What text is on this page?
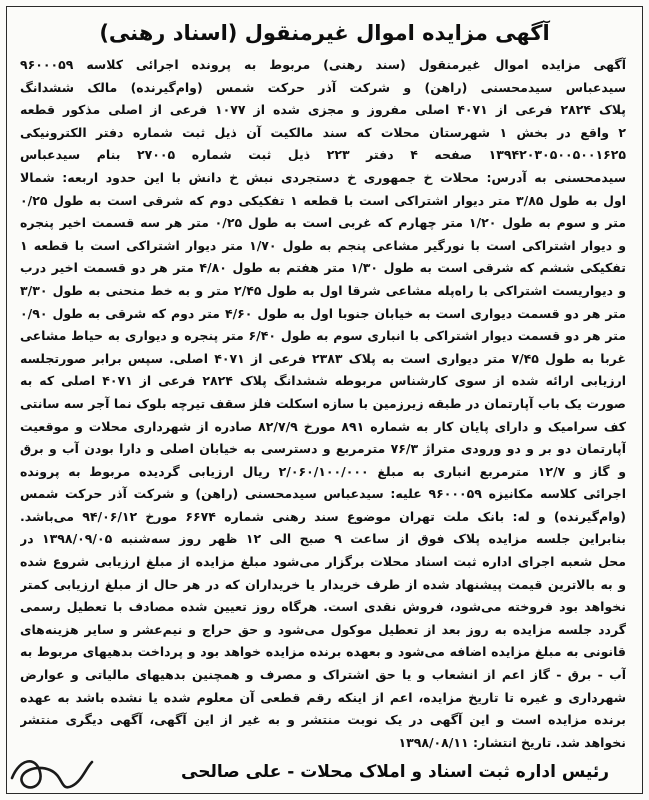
آگهی مزایده اموال غیرمنقول (اسناد رهنی)
آگهی مزایده اموال غیرمنقول (سند رهنی) مربوط به پرونده اجرائی کلاسه ۹۶۰۰۰۵۹
سیدعباس سیدمحسنی (راهن) و شرکت آذر حرکت شمس (وام‌گیرنده) مالک ششدانگ
پلاک ۲۸۲۴ فرعی از ۴۰۷۱ اصلی مفروز و مجزی شده از ۱۰۷۷ فرعی از اصلی مذکور قطعه
۲ واقع در بخش ۱ شهرستان محلات که سند مالکیت آن ذیل ثبت شماره دفتر الکترونیکی
۱۳۹۴۲۰۳۰۵۰۰۵۰۰۱۶۲۵ صفحه ۴ دفتر ۲۲۳ ذیل ثبت شماره ۲۷۰۰۵ بنام سیدعباس
سیدمحسنی به آدرس: محلات خ جمهوری خ دستجردی نبش خ دانش با این حدود اربعه: شمالا
اول به طول ۳/۸۵ متر دیوار اشتراکی است با قطعه ۱ تفکیکی دوم که شرقی است به طول ۰/۲۵
متر و سوم به طول ۱/۲۰ متر چهارم که غربی است به طول ۰/۲۵ متر هر سه قسمت اخیر پنجره
و دیوار اشتراکی است با نورگیر مشاعی پنجم به طول ۱/۷۰ متر دیوار اشتراکی است با قطعه ۱
تفکیکی ششم که شرقی است به طول ۱/۳۰ متر هفتم به طول ۴/۸۰ متر هر دو قسمت اخیر درب
و دیواریست اشتراکی با راه‌پله مشاعی شرقا اول به طول ۲/۴۵ متر و به خط منحنی به طول ۳/۳۰
متر هر دو قسمت دیواری است به خیابان جنوبا اول به طول ۴/۶۰ متر دوم که شرقی به طول ۰/۹۰
متر هر دو قسمت دیوار اشتراکی با انباری سوم به طول ۶/۴۰ متر پنجره و دیواری به حیاط مشاعی
غربا به طول ۷/۴۵ متر دیواری است به پلاک ۲۳۸۳ فرعی از ۴۰۷۱ اصلی. سپس برابر صورتجلسه
ارزیابی ارائه شده از سوی کارشناس مربوطه ششدانگ پلاک ۲۸۲۴ فرعی از ۴۰۷۱ اصلی که به
صورت یک باب آپارتمان در طبقه زیرزمین با سازه اسکلت فلز سقف تیرچه بلوک نما آجر سه سانتی
کف سرامیک و دارای پایان کار به شماره ۸۹۱ مورخ ۸۲/۷/۹ صادره از شهرداری محلات و موقعیت
آپارتمان دو بر و دو ورودی متراژ ۷۶/۳ مترمربع و دسترسی به خیابان اصلی و دارا بودن آب و برق
و گاز و ۱۲/۷ مترمربع انباری به مبلغ ۲/۰۶۰/۱۰۰/۰۰۰ ریال ارزیابی گردیده مربوط به پرونده
اجرائی کلاسه مکانیزه ۹۶۰۰۰۵۹ علیه: سیدعباس سیدمحسنی (راهن) و شرکت آذر حرکت شمس
(وام‌گیرنده) و له: بانک ملت تهران موضوع سند رهنی شماره ۶۶۷۴ مورخ ۹۴/۰۶/۱۲ می‌باشد.
بنابراین جلسه مزایده پلاک فوق از ساعت ۹ صبح الی ۱۲ ظهر روز سه‌شنبه ۱۳۹۸/۰۹/۰۵ در
محل شعبه اجرای اداره ثبت اسناد محلات برگزار می‌شود مبلغ مزایده از مبلغ ارزیابی شروع شده
و به بالاترین قیمت پیشنهاد شده از طرف خریدار یا خریداران که در هر حال از مبلغ ارزیابی کمتر
نخواهد بود فروخته می‌شود، فروش نقدی است. هرگاه روز تعیین شده مصادف با تعطیل رسمی
گردد جلسه مزایده به روز بعد از تعطیل موکول می‌شود و حق حراج و نیم‌عشر و سایر هزینه‌های
قانونی به مبلغ مزایده اضافه می‌شود و بعهده برنده مزایده خواهد بود و پرداخت بدهیهای مربوط به
آب - برق - گاز اعم از انشعاب و یا حق اشتراک و مصرف و همچنین بدهیهای مالیاتی و عوارض
شهرداری و غیره تا تاریخ مزایده، اعم از اینکه رقم قطعی آن معلوم شده یا نشده باشد به عهده
برنده مزایده است و این آگهی در یک نوبت منتشر و به غیر از این آگهی، آگهی دیگری منتشر
نخواهد شد. تاریخ انتشار: ۱۳۹۸/۰۸/۱۱
رئیس اداره ثبت اسناد و املاک محلات - علی صالحی
